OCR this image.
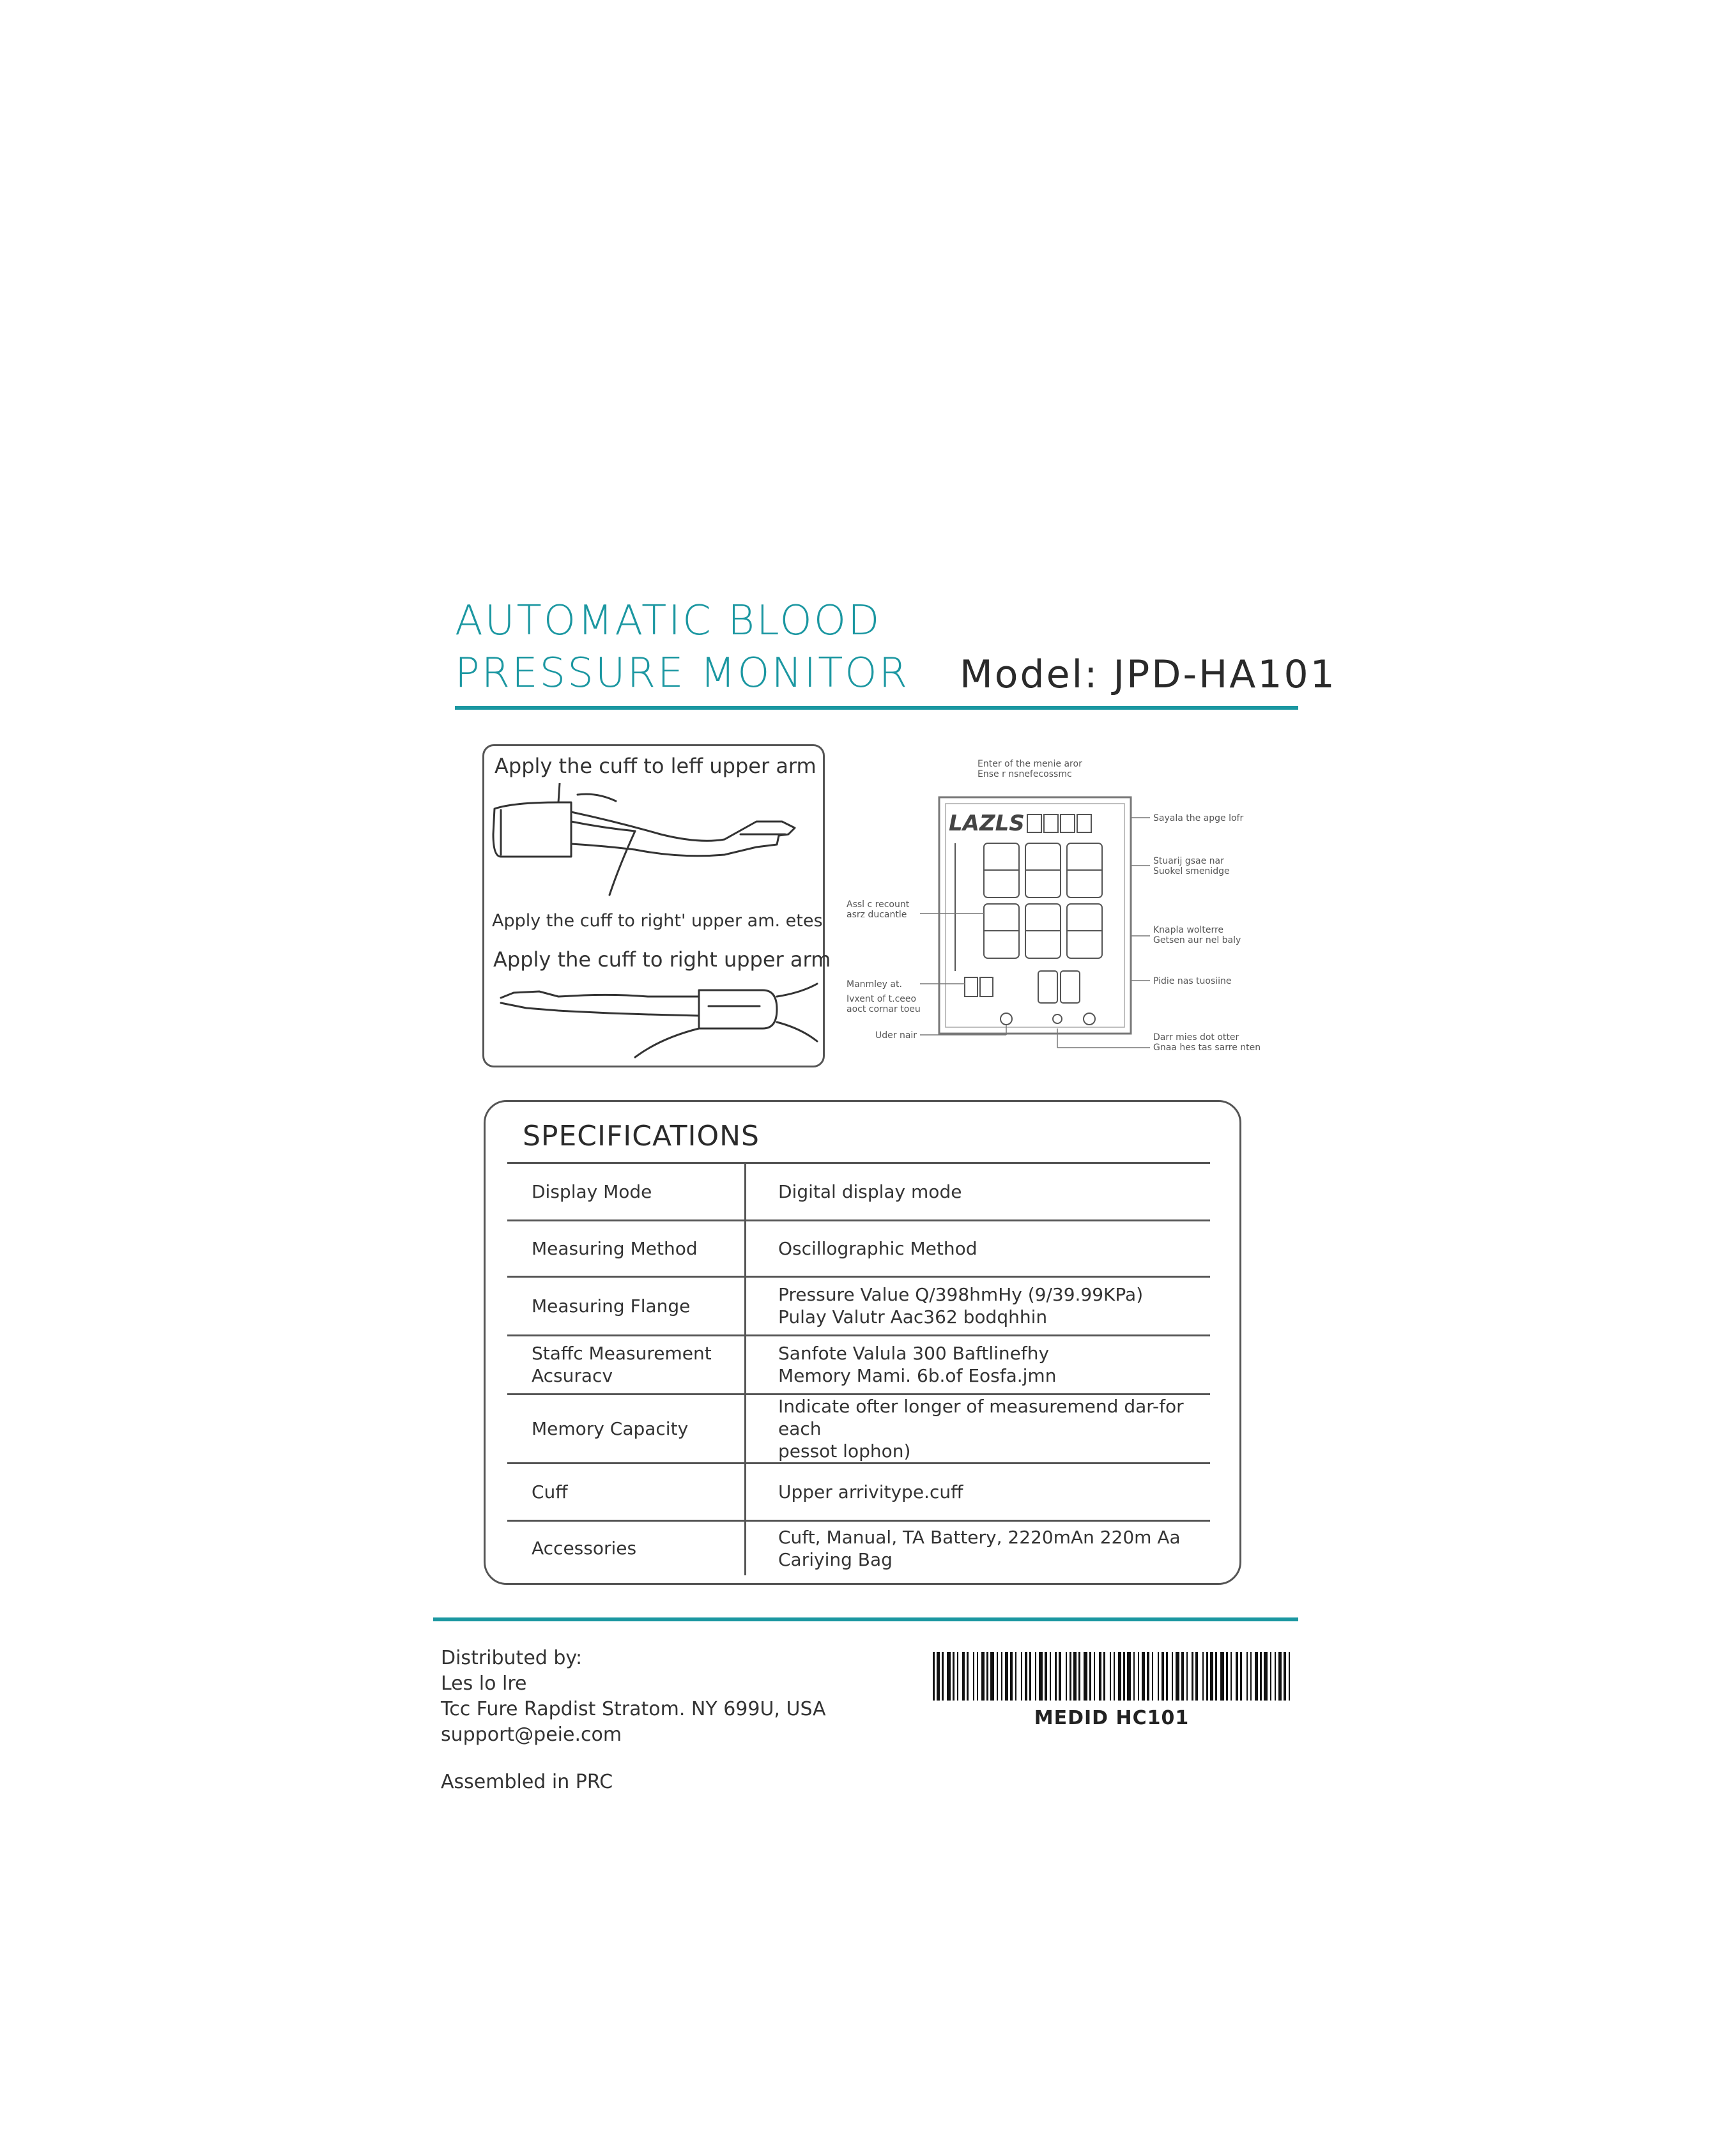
AUTOMATIC BLOOD
PRESSURE MONITOR Model: JPD-HA101
Apply the cuff to leff upper arm
Apply the cuff to right' upper am. etes
Apply the cuff to right upper arm
Enter of the menie aror
Ense r nsnefecossmc
LAZLS	Sayala the apge lofr
Stuarij gsae nar
Suokel smenidge
Knapla wolterre
Getsen aur nel baly
Pidie nas tuosiine
Darr mies dot otter
Gnaa hes tas sarre nten
Assl c recount
asrz ducantle
Manmley at.
Ivxent of t.ceeo
aoct cornar toeu
Uder nair
SPECIFICATIONS
Display Mode	Digital display mode
Measuring Method	Oscillographic Method
Measuring Flange	Pressure Value Q/398hmHy (9/39.99KPa)
Pulay Valutr Aac362 bodqhhin
Staffc Measurement
Acsuracv	Sanfote Valula 300 Baftlinefhy
Memory Mami. 6b.of Eosfa.jmn
Memory Capacity	Indicate ofter longer of measuremend dar-for each
pessot lophon)
Cuff	Upper arrivitype.cuff
Accessories	Cuft, Manual, TA Battery, 2220mAn 220m Aa Cariying Bag
Distributed by:
Les lo lre
Tcc Fure Rapdist Stratom. NY 699U, USA
support@peie.com
Assembled in PRC
MEDID HC101
